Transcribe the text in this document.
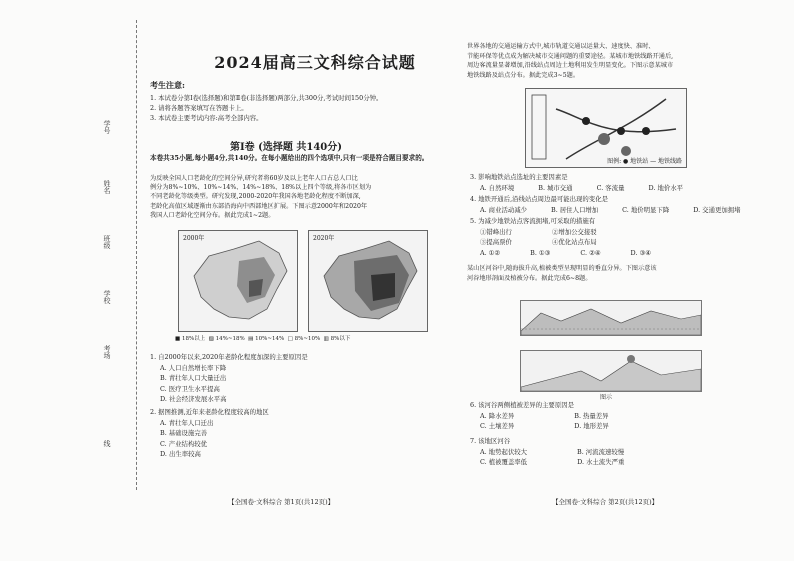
学号
姓名
班级
学校
考场
线
2024届高三文科综合试题
考生注意:
1. 本试卷分第Ⅰ卷(选择题)和第Ⅱ卷(非选择题)两部分,共300分,考试时间150分钟。
2. 请将各题答案填写在答题卡上。
3. 本试卷主要考试内容:高考全部内容。
第Ⅰ卷 (选择题 共140分)
本卷共35小题,每小题4分,共140分。在每小题给出的四个选项中,只有一项是符合题目要求的。
为反映全国人口老龄化的空间分异,研究者将60岁及以上老年人口占总人口比
例分为8%~10%、10%~14%、14%~18%、18%以上四个等级,将各市区划为
不同老龄化等级类型。研究发现,2000-2020年我国各地老龄化程度不断加深,
老龄化高值区域逐渐由东部沿海向中西部地区扩展。下图示意2000年和2020年
我国人口老龄化空间分布。据此完成1~2题。
2000年	2020年
■ 18%以上  ▨ 14%~18%  ▤ 10%~14%  □ 8%~10%  ▥ 8%以下
1. 自2000年以来,2020年老龄化程度加深的主要原因是
A. 人口自然增长率下降
B. 青壮年人口大量迁出
C. 医疗卫生水平提高
D. 社会经济发展水平高
2. 据图推测,近年来老龄化程度较高的地区
A. 青壮年人口迁出
B. 基础设施完善
C. 产业结构较优
D. 出生率较高
【全国卷·文科综合 第1页(共12页)】
世界各地的交通运输方式中,城市轨道交通以运量大、速度快、准时、
节能环保等优点成为解决城市交通问题的重要途径。某城市地铁线路开通后,
周边客流量显著增加,沿线站点周边土地利用发生明显变化。下图示意某城市
地铁线路及站点分布。据此完成3~5题。
图例: ● 地铁站 — 地铁线路
3. 影响地铁站点选址的主要因素是
A. 自然环境	B. 城市交通	C. 客流量	D. 地价水平
4. 地铁开通后,沿线站点周边最可能出现的变化是
A. 商业活动减少	B. 居住人口增加	C. 地价明显下降	D. 交通更加拥堵
5. 为减少地铁站点客流拥堵,可采取的措施有
①错峰出行	②增加公交接驳
③提高票价	④优化站点布局
A. ①②	B. ①③	C. ②④	D. ③④
某山区河谷中,随海拔升高,植被类型呈现明显的垂直分异。下图示意该
河谷地形剖面及植被分布。据此完成6~8题。
图示
6. 该河谷两侧植被差异的主要原因是
A. 降水差异	B. 热量差异
C. 土壤差异	D. 地形差异
7. 该地区河谷
A. 地势起伏较大	B. 河流流速较慢
C. 植被覆盖率低	D. 水土流失严重
【全国卷·文科综合 第2页(共12页)】
